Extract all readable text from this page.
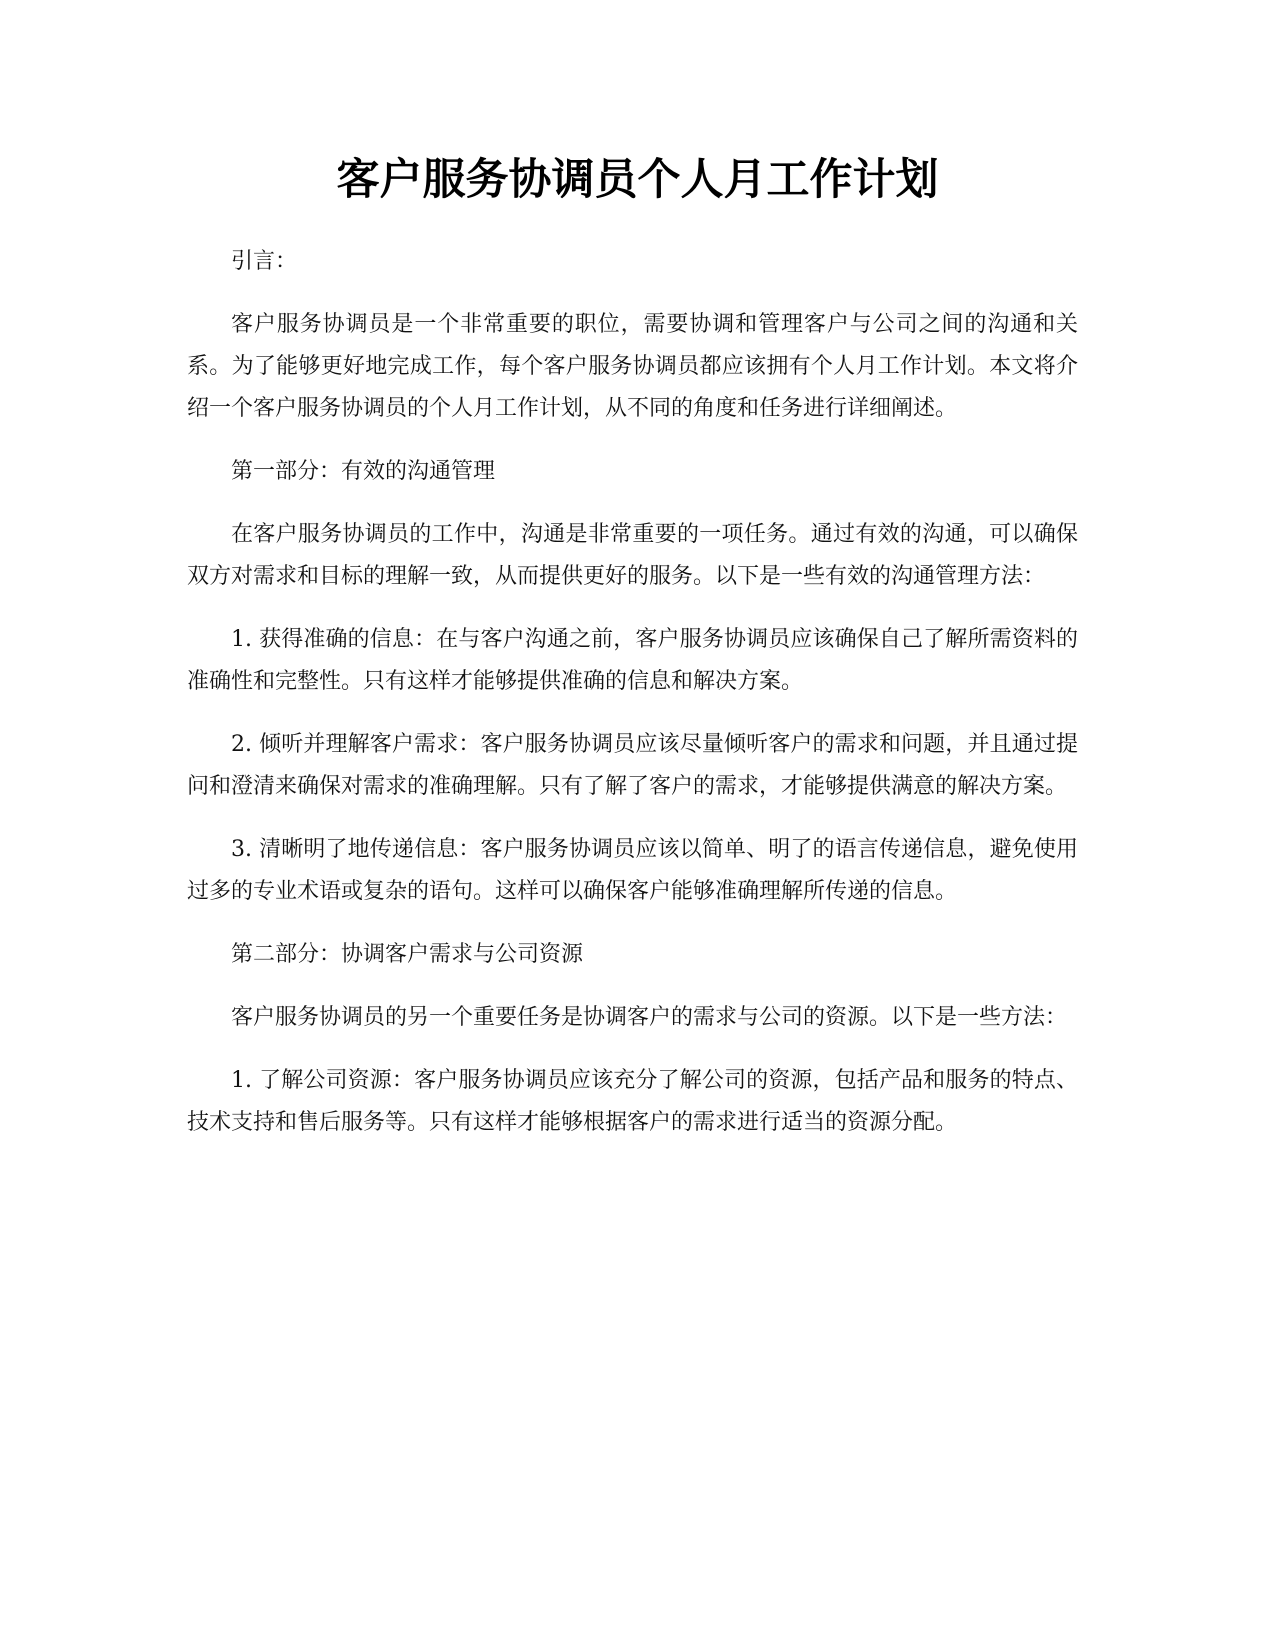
客户服务协调员个人月工作计划

引言：

客户服务协调员是一个非常重要的职位，需要协调和管理客户与公司之间的沟通和关系。为了能够更好地完成工作，每个客户服务协调员都应该拥有个人月工作计划。本文将介绍一个客户服务协调员的个人月工作计划，从不同的角度和任务进行详细阐述。

第一部分：有效的沟通管理

在客户服务协调员的工作中，沟通是非常重要的一项任务。通过有效的沟通，可以确保双方对需求和目标的理解一致，从而提供更好的服务。以下是一些有效的沟通管理方法：

1. 获得准确的信息：在与客户沟通之前，客户服务协调员应该确保自己了解所需资料的准确性和完整性。只有这样才能够提供准确的信息和解决方案。

2. 倾听并理解客户需求：客户服务协调员应该尽量倾听客户的需求和问题，并且通过提问和澄清来确保对需求的准确理解。只有了解了客户的需求，才能够提供满意的解决方案。

3. 清晰明了地传递信息：客户服务协调员应该以简单、明了的语言传递信息，避免使用过多的专业术语或复杂的语句。这样可以确保客户能够准确理解所传递的信息。

第二部分：协调客户需求与公司资源

客户服务协调员的另一个重要任务是协调客户的需求与公司的资源。以下是一些方法：

1. 了解公司资源：客户服务协调员应该充分了解公司的资源，包括产品和服务的特点、技术支持和售后服务等。只有这样才能够根据客户的需求进行适当的资源分配。
